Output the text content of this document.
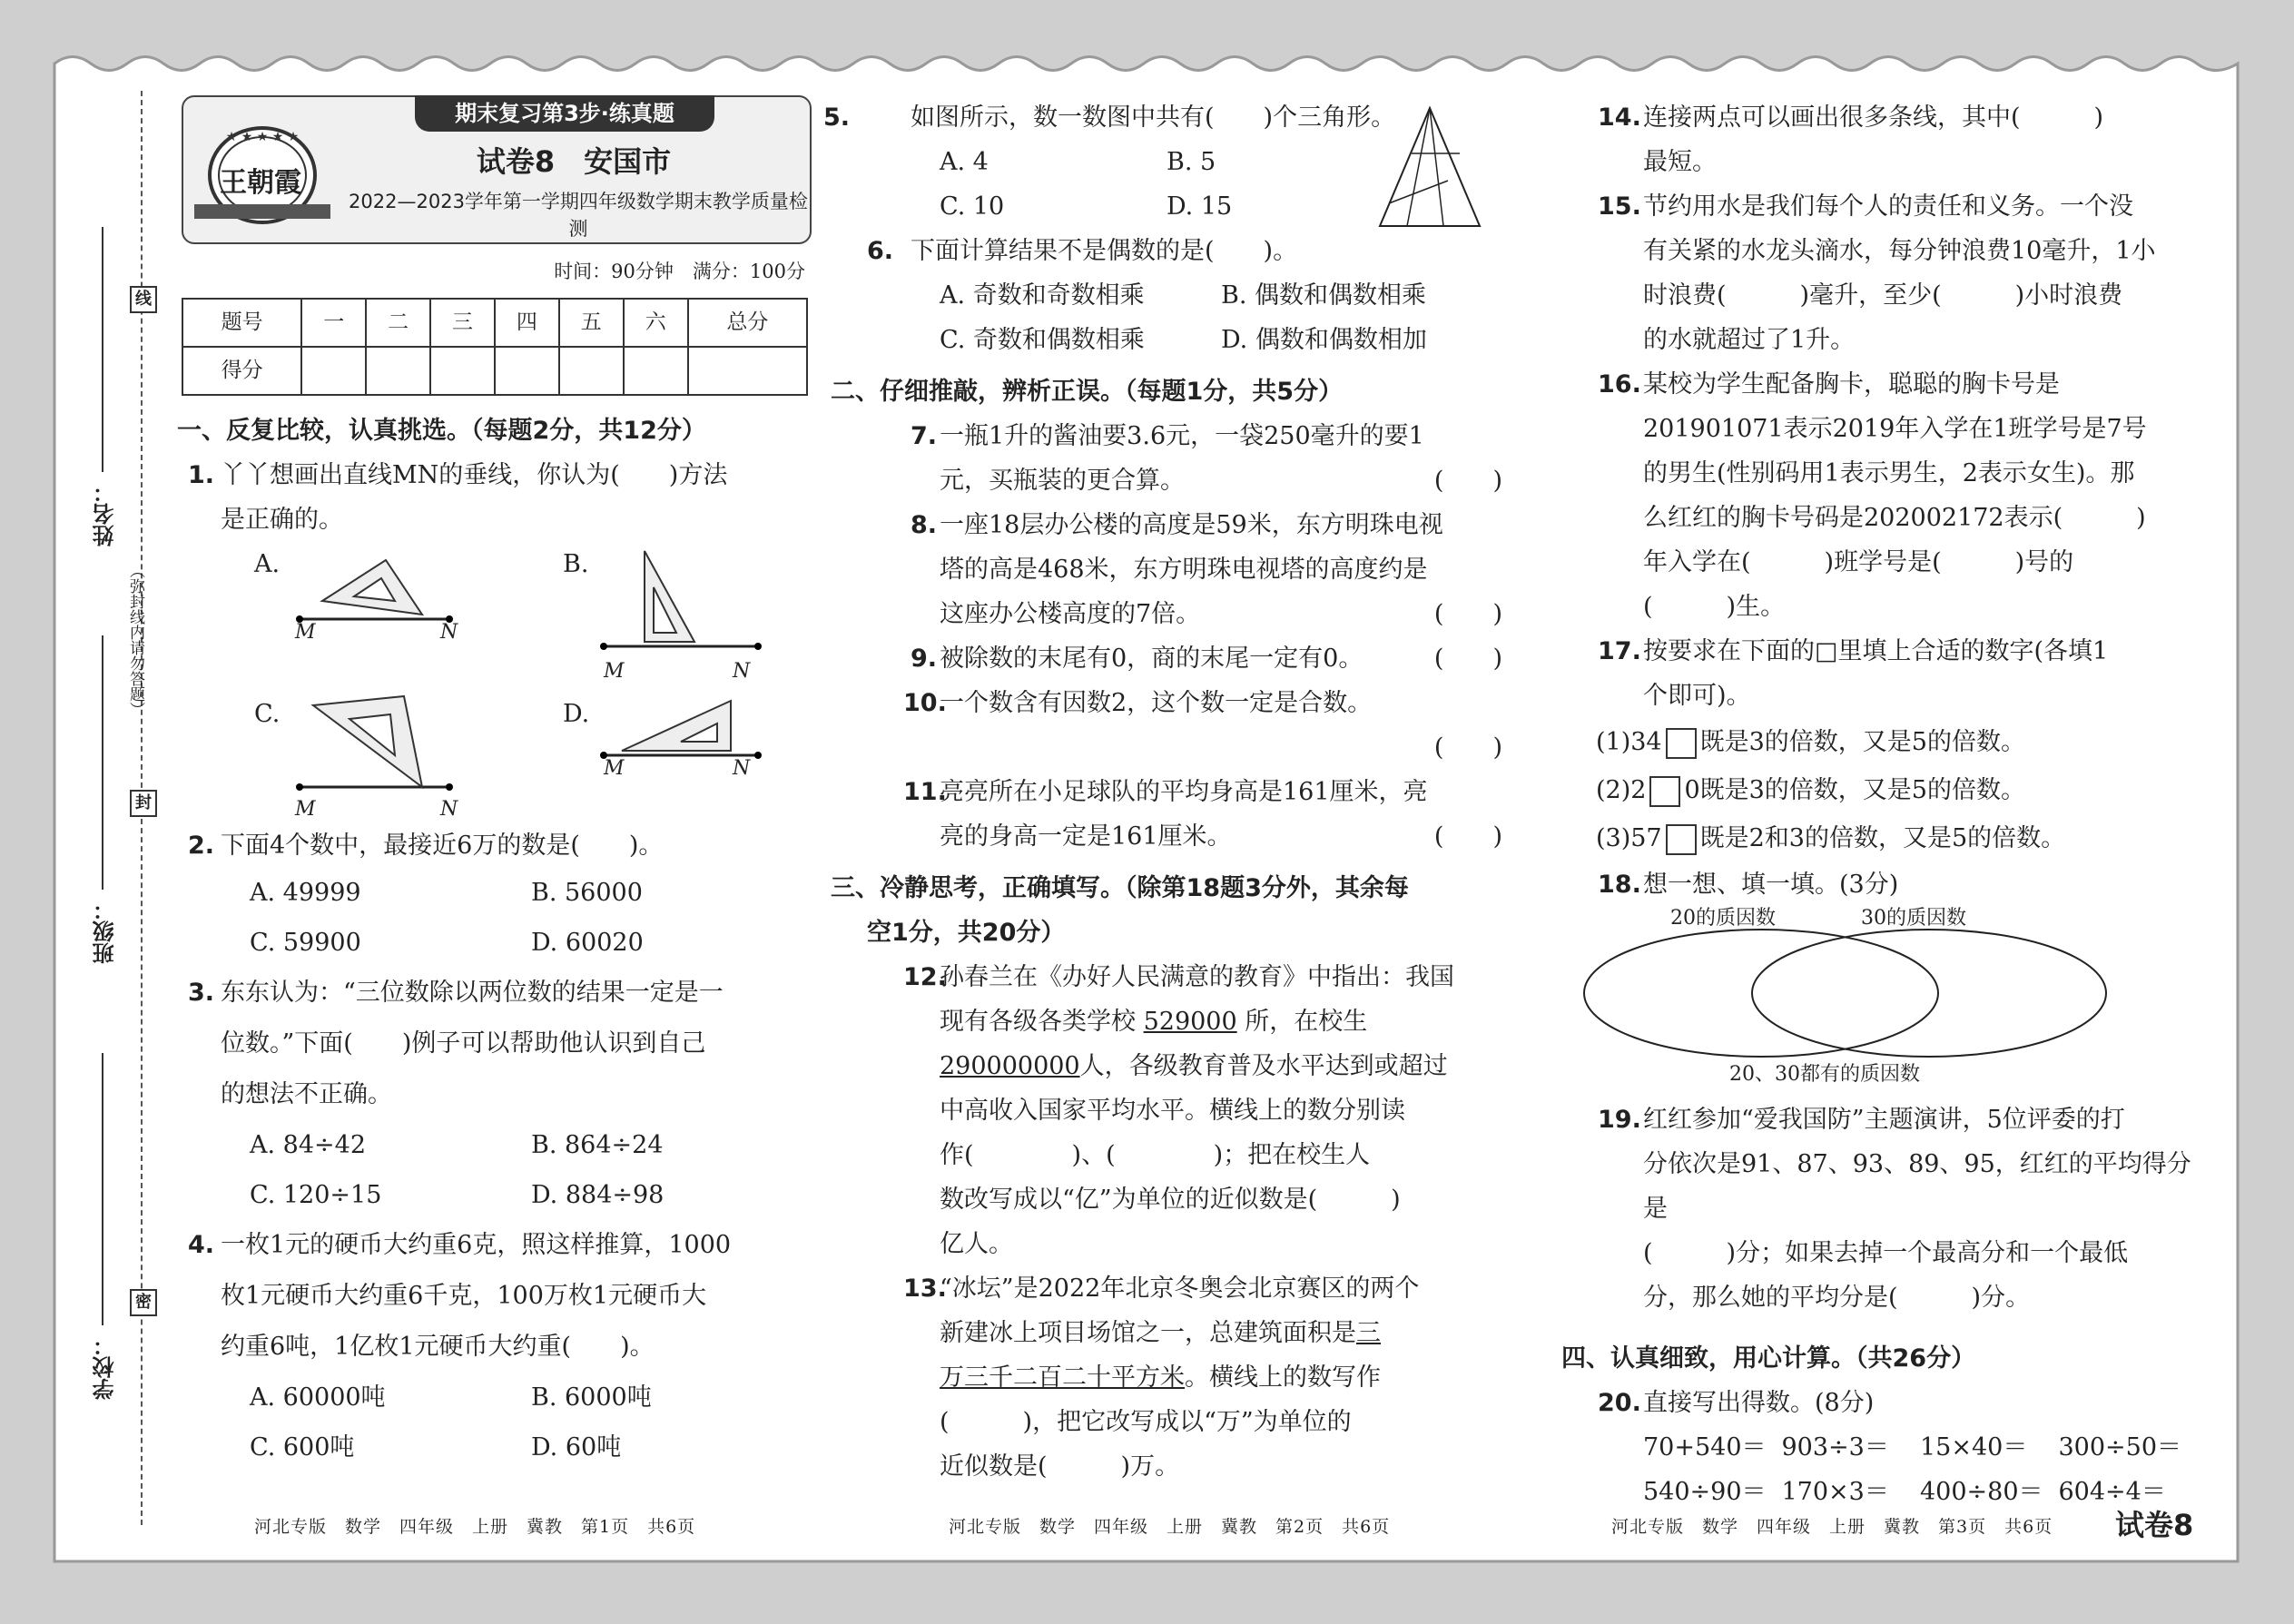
姓名：
班级：
学校：
线
封
密
（弥封线内请勿答题）
期末复习第3步·练真题
★ ★ ★ ★ ★
王朝霞
试卷8　安国市
2022—2023学年第一学期四年级数学期末教学质量检测
时间：90分钟　满分：100分
题号	一	二	三	四	五	六	总分
得分							
一、反复比较，认真挑选。（每题2分，共12分）
1. 丫丫想画出直线MN的垂线，你认为(　　)方法
是正确的。
A.	B.
C.	D.
M	N
M	N
M	N
M	N
2. 下面4个数中，最接近6万的数是(　　)。
A. 49999	B. 56000
C. 59900	D. 60020
3. 东东认为：“三位数除以两位数的结果一定是一
位数。”下面(　　)例子可以帮助他认识到自己
的想法不正确。
A. 84÷42	B. 864÷24
C. 120÷15	D. 884÷98
4. 一枚1元的硬币大约重6克，照这样推算，1000
枚1元硬币大约重6千克，100万枚1元硬币大
约重6吨，1亿枚1元硬币大约重(　　)。
A. 60000吨	B. 6000吨
C. 600吨	D. 60吨
河北专版　数学　四年级　上册　冀教　第1页　共6页
5. 如图所示，数一数图中共有(　　)个三角形。
A. 4	B. 5
C. 10	D. 15
6. 下面计算结果不是偶数的是(　　)。
A. 奇数和奇数相乘	B. 偶数和偶数相乘
C. 奇数和偶数相乘	D. 偶数和偶数相加
二、仔细推敲，辨析正误。（每题1分，共5分）
7. 一瓶1升的酱油要3.6元，一袋250毫升的要1
元，买瓶装的更合算。	(　　)
8. 一座18层办公楼的高度是59米，东方明珠电视
塔的高是468米，东方明珠电视塔的高度约是
这座办公楼高度的7倍。	(　　)
9. 被除数的末尾有0，商的末尾一定有0。	(　　)
10.
一个数含有因数2，这个数一定是合数。
(　　)
11.
亮亮所在小足球队的平均身高是161厘米，亮
亮的身高一定是161厘米。	(　　)
三、冷静思考，正确填写。（除第18题3分外，其余每
空1分，共20分）
12.
孙春兰在《办好人民满意的教育》中指出：我国
现有各级各类学校 529000 所，在校生
290000000人，各级教育普及水平达到或超过
中高收入国家平均水平。横线上的数分别读
作(　　　　)、(　　　　)；把在校生人
数改写成以“亿”为单位的近似数是(　　　)
亿人。
13.
“冰坛”是2022年北京冬奥会北京赛区的两个
新建冰上项目场馆之一，总建筑面积是三
万三千二百二十平方米。横线上的数写作
(　　　)，把它改写成以“万”为单位的
近似数是(　　　)万。
河北专版　数学　四年级　上册　冀教　第2页　共6页
14. 连接两点可以画出很多条线，其中(　　　)
最短。
15. 节约用水是我们每个人的责任和义务。一个没
有关紧的水龙头滴水，每分钟浪费10毫升，1小
时浪费(　　　)毫升，至少(　　　)小时浪费
的水就超过了1升。
16. 某校为学生配备胸卡，聪聪的胸卡号是
201901071表示2019年入学在1班学号是7号
的男生(性别码用1表示男生，2表示女生)。那
么红红的胸卡号码是202002172表示(　　　)
年入学在(　　　)班学号是(　　　)号的
(　　　)生。
17. 按要求在下面的□里填上合适的数字(各填1
个即可)。
(1)34 既是3的倍数，又是5的倍数。
(2)2 0既是3的倍数，又是5的倍数。
(3)57 既是2和3的倍数，又是5的倍数。
18. 想一想、填一填。(3分)
20的质因数	30的质因数
20、30都有的质因数
19. 红红参加“爱我国防”主题演讲，5位评委的打
分依次是91、87、93、89、95，红红的平均得分是
(　　　)分；如果去掉一个最高分和一个最低
分，那么她的平均分是(　　　)分。
四、认真细致，用心计算。（共26分）
20. 直接写出得数。(8分)
70+540＝ 903÷3＝	15×40＝	300÷50＝
540÷90＝ 170×3＝	400÷80＝ 604÷4＝
河北专版　数学　四年级　上册　冀教　第3页　共6页 试卷8
